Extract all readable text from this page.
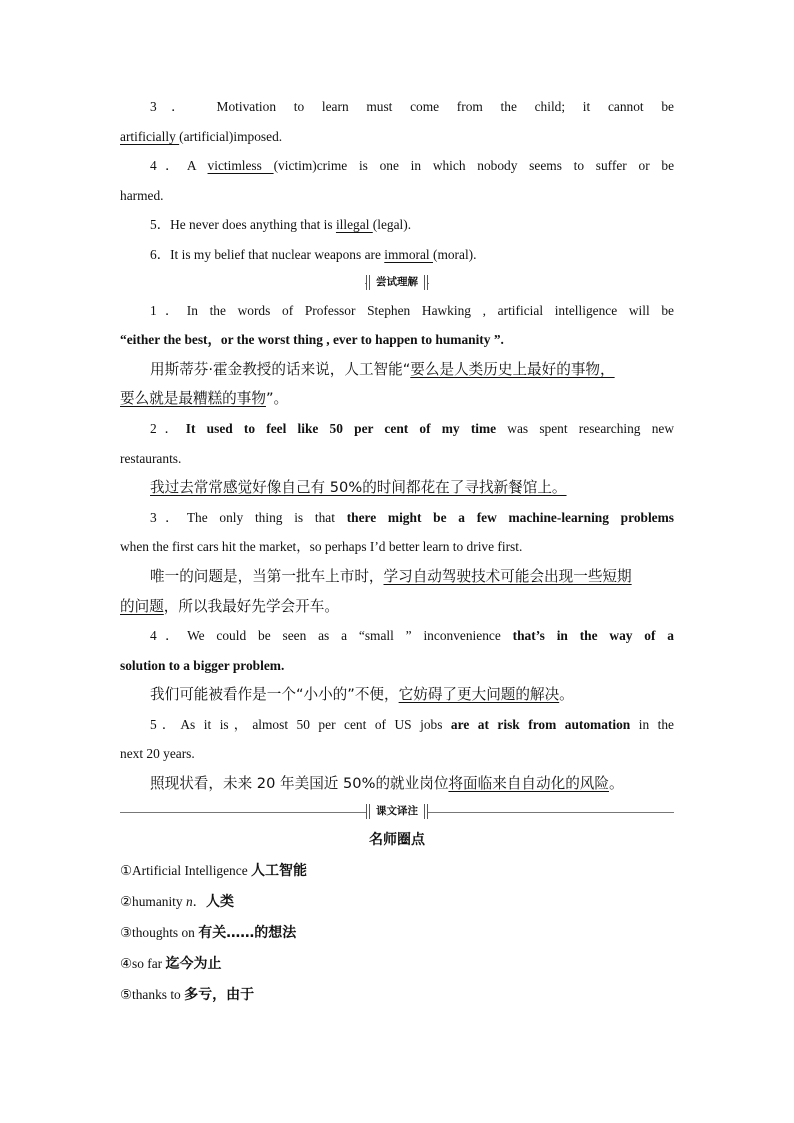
3． Motivation to learn must come from the child; it cannot be
artificially (artificial)imposed.
4．A victimless (victim)crime is one in which nobody seems to suffer or be
harmed.
5．He never does anything that is illegal (legal).
6．It is my belief that nuclear weapons are immoral (moral).
尝试理解
1．In the words of Professor Stephen Hawking , artificial intelligence will be
“either the best，or the worst thing , ever to happen to humanity ”.
用斯蒂芬·霍金教授的话来说，人工智能“要么是人类历史上最好的事物，
要么就是最糟糕的事物”。
2．It used to feel like 50 per cent of my time was spent researching new
restaurants.
我过去常常感觉好像自己有 50%的时间都花在了寻找新餐馆上。
3．The only thing is that there might be a few machine-learning problems
when the first cars hit the market，so perhaps I’d better learn to drive first.
唯一的问题是，当第一批车上市时，学习自动驾驶技术可能会出现一些短期
的问题，所以我最好先学会开车。
4．We could be seen as a “small ” inconvenience that’s in the way of a
solution to a bigger problem.
我们可能被看作是一个“小小的”不便，它妨碍了更大问题的解决。
5．As it is，almost 50 per cent of US jobs are at risk from automation in the
next 20 years.
照现状看，未来 20 年美国近 50%的就业岗位将面临来自自动化的风险。
课文译注
名师圈点
①Artificial Intelligence 人工智能
②humanity n．人类
③thoughts on 有关……的想法
④so far 迄今为止
⑤thanks to 多亏，由于
